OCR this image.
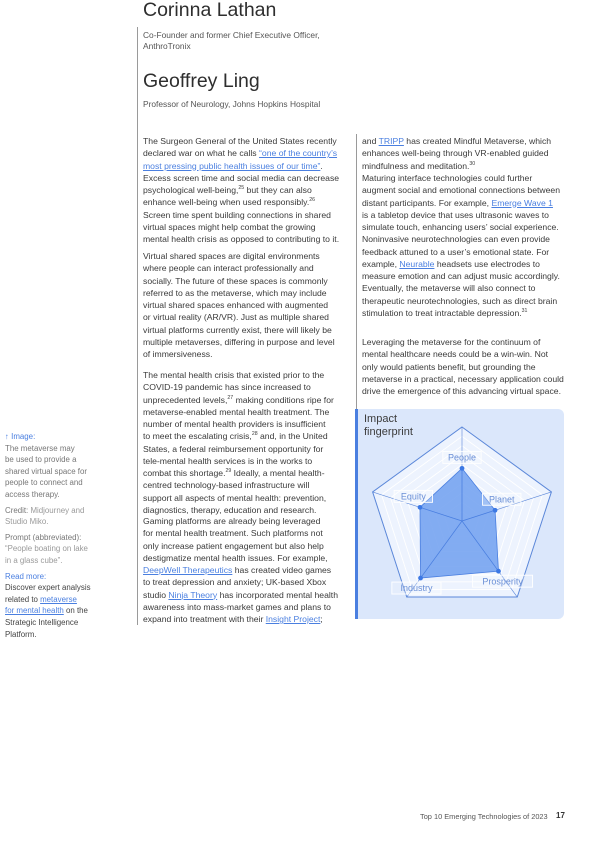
Corinna Lathan
Co-Founder and former Chief Executive Officer,
AnthroTronix
Geoffrey Ling
Professor of Neurology, Johns Hopkins Hospital
The Surgeon General of the United States recently
declared war on what he calls “one of the country’s
most pressing public health issues of our time”.
Excess screen time and social media can decrease
psychological well-being,$^{25}$ but they can also
enhance well-being when used responsibly.$^{26}$
Screen time spent building connections in shared
virtual spaces might help combat the growing
mental health crisis as opposed to contributing to it.
Virtual shared spaces are digital environments
where people can interact professionally and
socially. The future of these spaces is commonly
referred to as the metaverse, which may include
virtual shared spaces enhanced with augmented
or virtual reality (AR/VR). Just as multiple shared
virtual platforms currently exist, there will likely be
multiple metaverses, differing in purpose and level
of immersiveness.
The mental health crisis that existed prior to the
COVID-19 pandemic has since increased to
unprecedented levels,$^{27}$ making conditions ripe for
metaverse-enabled mental health treatment. The
number of mental health providers is insufficient
to meet the escalating crisis,$^{28}$ and, in the United
States, a federal reimbursement opportunity for
tele-mental health services is in the works to
combat this shortage.$^{29}$ Ideally, a mental health-
centred technology-based infrastructure will
support all aspects of mental health: prevention,
diagnostics, therapy, education and research.
Gaming platforms are already being leveraged
for mental health treatment. Such platforms not
only increase patient engagement but also help
destigmatize mental health issues. For example,
DeepWell Therapeutics has created video games
to treat depression and anxiety; UK-based Xbox
studio Ninja Theory has incorporated mental health
awareness into mass-market games and plans to
expand into treatment with their Insight Project;
and TRIPP has created Mindful Metaverse, which
enhances well-being through VR-enabled guided
mindfulness and meditation.$^{30}$
Maturing interface technologies could further
augment social and emotional connections between
distant participants. For example, Emerge Wave 1
is a tabletop device that uses ultrasonic waves to
simulate touch, enhancing users’ social experience.
Noninvasive neurotechnologies can even provide
feedback attuned to a user’s emotional state. For
example, Neurable headsets use electrodes to
measure emotion and can adjust music accordingly.
Eventually, the metaverse will also connect to
therapeutic neurotechnologies, such as direct brain
stimulation to treat intractable depression.$^{31}$
Leveraging the metaverse for the continuum of
mental healthcare needs could be a win-win. Not
only would patients benefit, but grounding the
metaverse in a practical, necessary application could
drive the emergence of this advancing virtual space.
↑ Image:
The metaverse may
be used to provide a
shared virtual space for
people to connect and
access therapy.
Credit: Midjourney and
Studio Miko.
Prompt (abbreviated):
“People boating on lake
in a glass cube”.
Read more:
Discover expert analysis
related to metaverse
for mental health on the
Strategic Intelligence
Platform.
Impact
fingerprint
People
Planet
Prosperity
Industry
Equity
Top 10 Emerging Technologies of 2023 17
